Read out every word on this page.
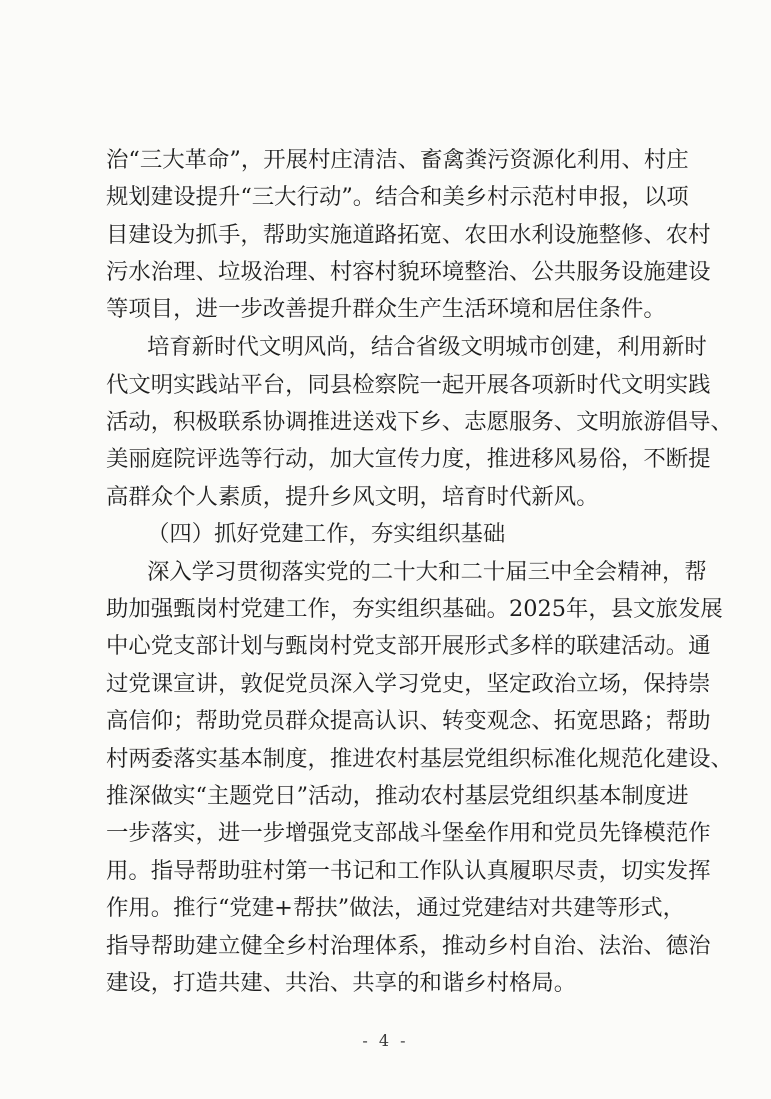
治“三大革命”，开展村庄清洁、畜禽粪污资源化利用、村庄
规划建设提升“三大行动”。结合和美乡村示范村申报，以项
目建设为抓手，帮助实施道路拓宽、农田水利设施整修、农村
污水治理、垃圾治理、村容村貌环境整治、公共服务设施建设
等项目，进一步改善提升群众生产生活环境和居住条件。
培育新时代文明风尚，结合省级文明城市创建，利用新时
代文明实践站平台，同县检察院一起开展各项新时代文明实践
活动，积极联系协调推进送戏下乡、志愿服务、文明旅游倡导、
美丽庭院评选等行动，加大宣传力度，推进移风易俗，不断提
高群众个人素质，提升乡风文明，培育时代新风。
（四）抓好党建工作，夯实组织基础
深入学习贯彻落实党的二十大和二十届三中全会精神，帮
助加强甄岗村党建工作，夯实组织基础。2025年，县文旅发展
中心党支部计划与甄岗村党支部开展形式多样的联建活动。通
过党课宣讲，敦促党员深入学习党史，坚定政治立场，保持崇
高信仰；帮助党员群众提高认识、转变观念、拓宽思路；帮助
村两委落实基本制度，推进农村基层党组织标准化规范化建设、
推深做实“主题党日”活动，推动农村基层党组织基本制度进
一步落实，进一步增强党支部战斗堡垒作用和党员先锋模范作
用。指导帮助驻村第一书记和工作队认真履职尽责，切实发挥
作用。推行“党建+帮扶”做法，通过党建结对共建等形式，
指导帮助建立健全乡村治理体系，推动乡村自治、法治、德治
建设，打造共建、共治、共享的和谐乡村格局。
- 4 -
